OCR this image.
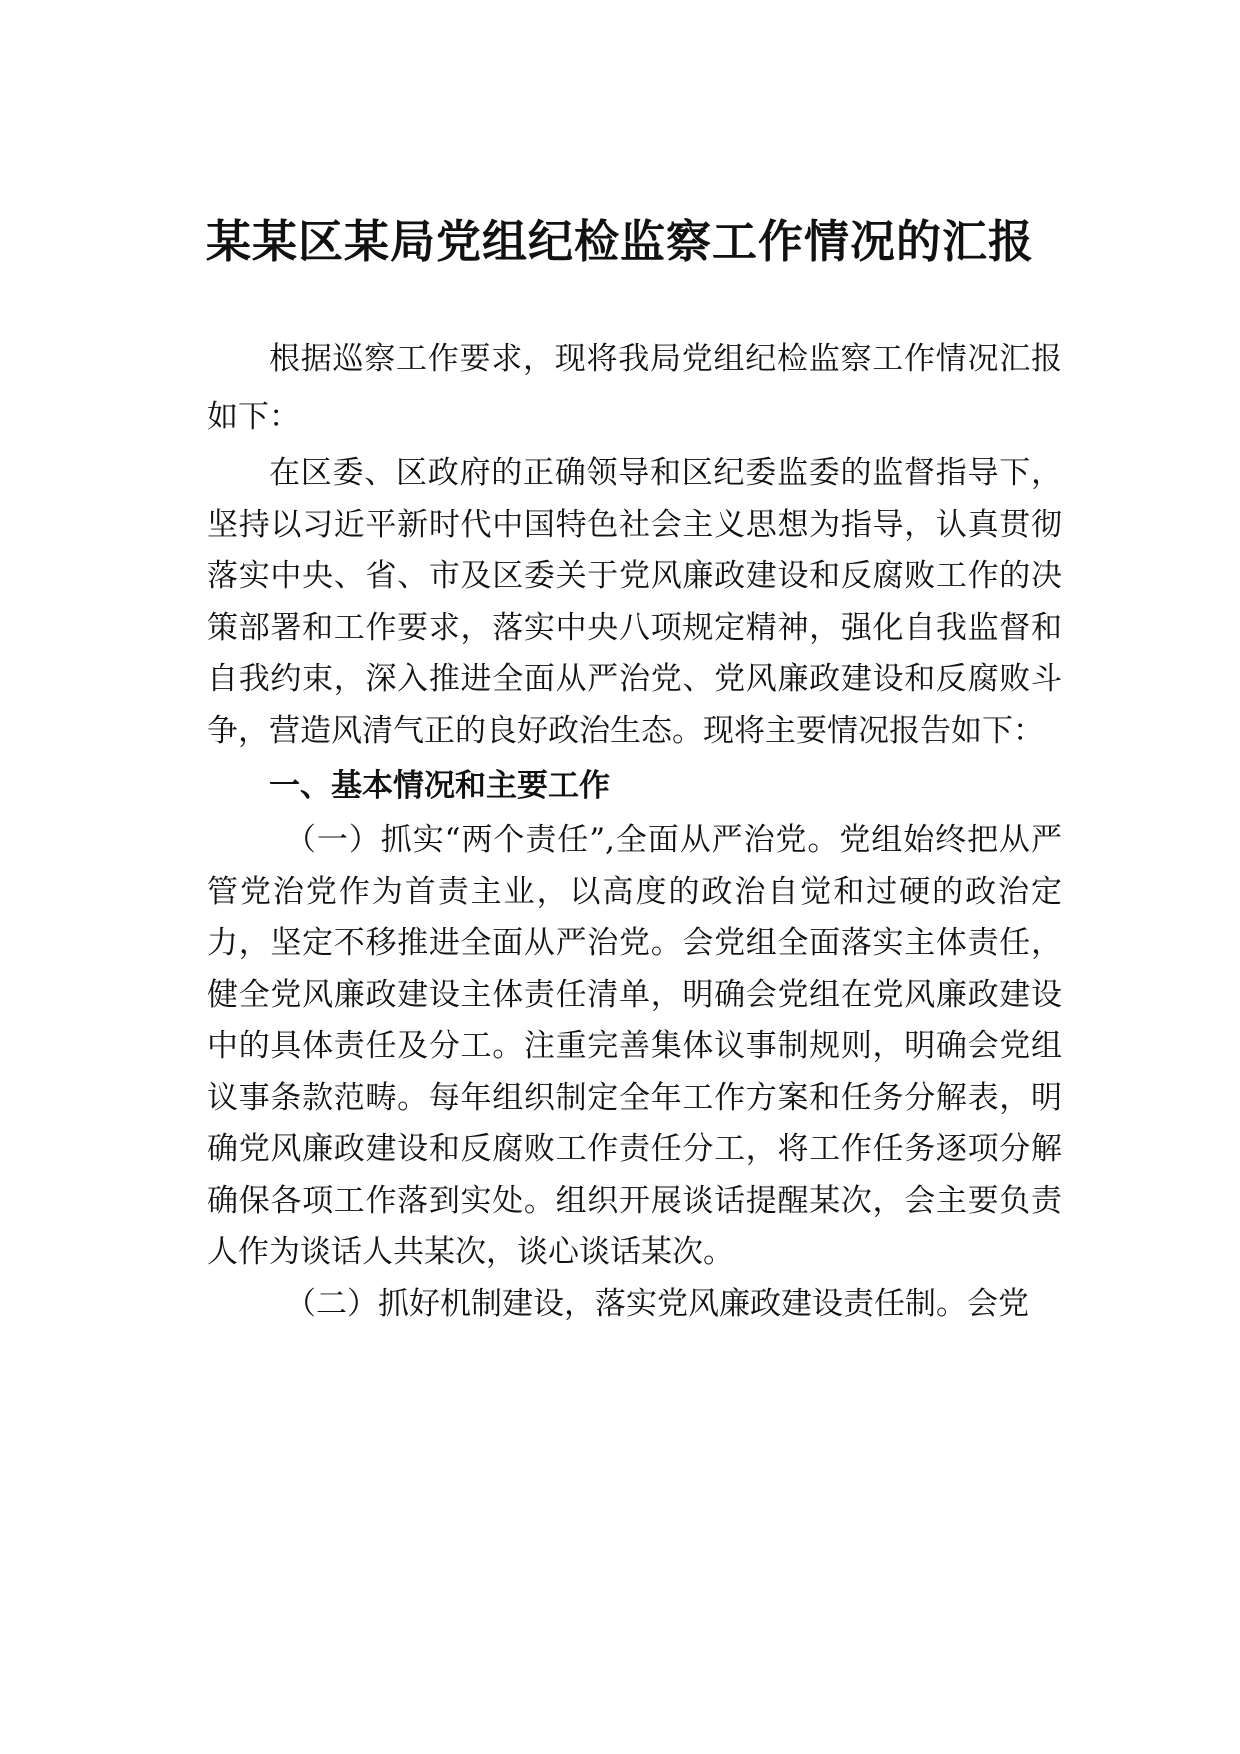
某某区某局党组纪检监察工作情况的汇报

根据巡察工作要求，现将我局党组纪检监察工作情况汇报如下：

在区委、区政府的正确领导和区纪委监委的监督指导下，坚持以习近平新时代中国特色社会主义思想为指导，认真贯彻落实中央、省、市及区委关于党风廉政建设和反腐败工作的决策部署和工作要求，落实中央八项规定精神，强化自我监督和自我约束，深入推进全面从严治党、党风廉政建设和反腐败斗争，营造风清气正的良好政治生态。现将主要情况报告如下：

一、基本情况和主要工作

（一）抓实“两个责任”,全面从严治党。党组始终把从严管党治党作为首责主业，以高度的政治自觉和过硬的政治定力，坚定不移推进全面从严治党。会党组全面落实主体责任，健全党风廉政建设主体责任清单，明确会党组在党风廉政建设中的具体责任及分工。注重完善集体议事制规则，明确会党组议事条款范畴。每年组织制定全年工作方案和任务分解表，明确党风廉政建设和反腐败工作责任分工，将工作任务逐项分解确保各项工作落到实处。组织开展谈话提醒某次，会主要负责人作为谈话人共某次，谈心谈话某次。

（二）抓好机制建设，落实党风廉政建设责任制。会党
